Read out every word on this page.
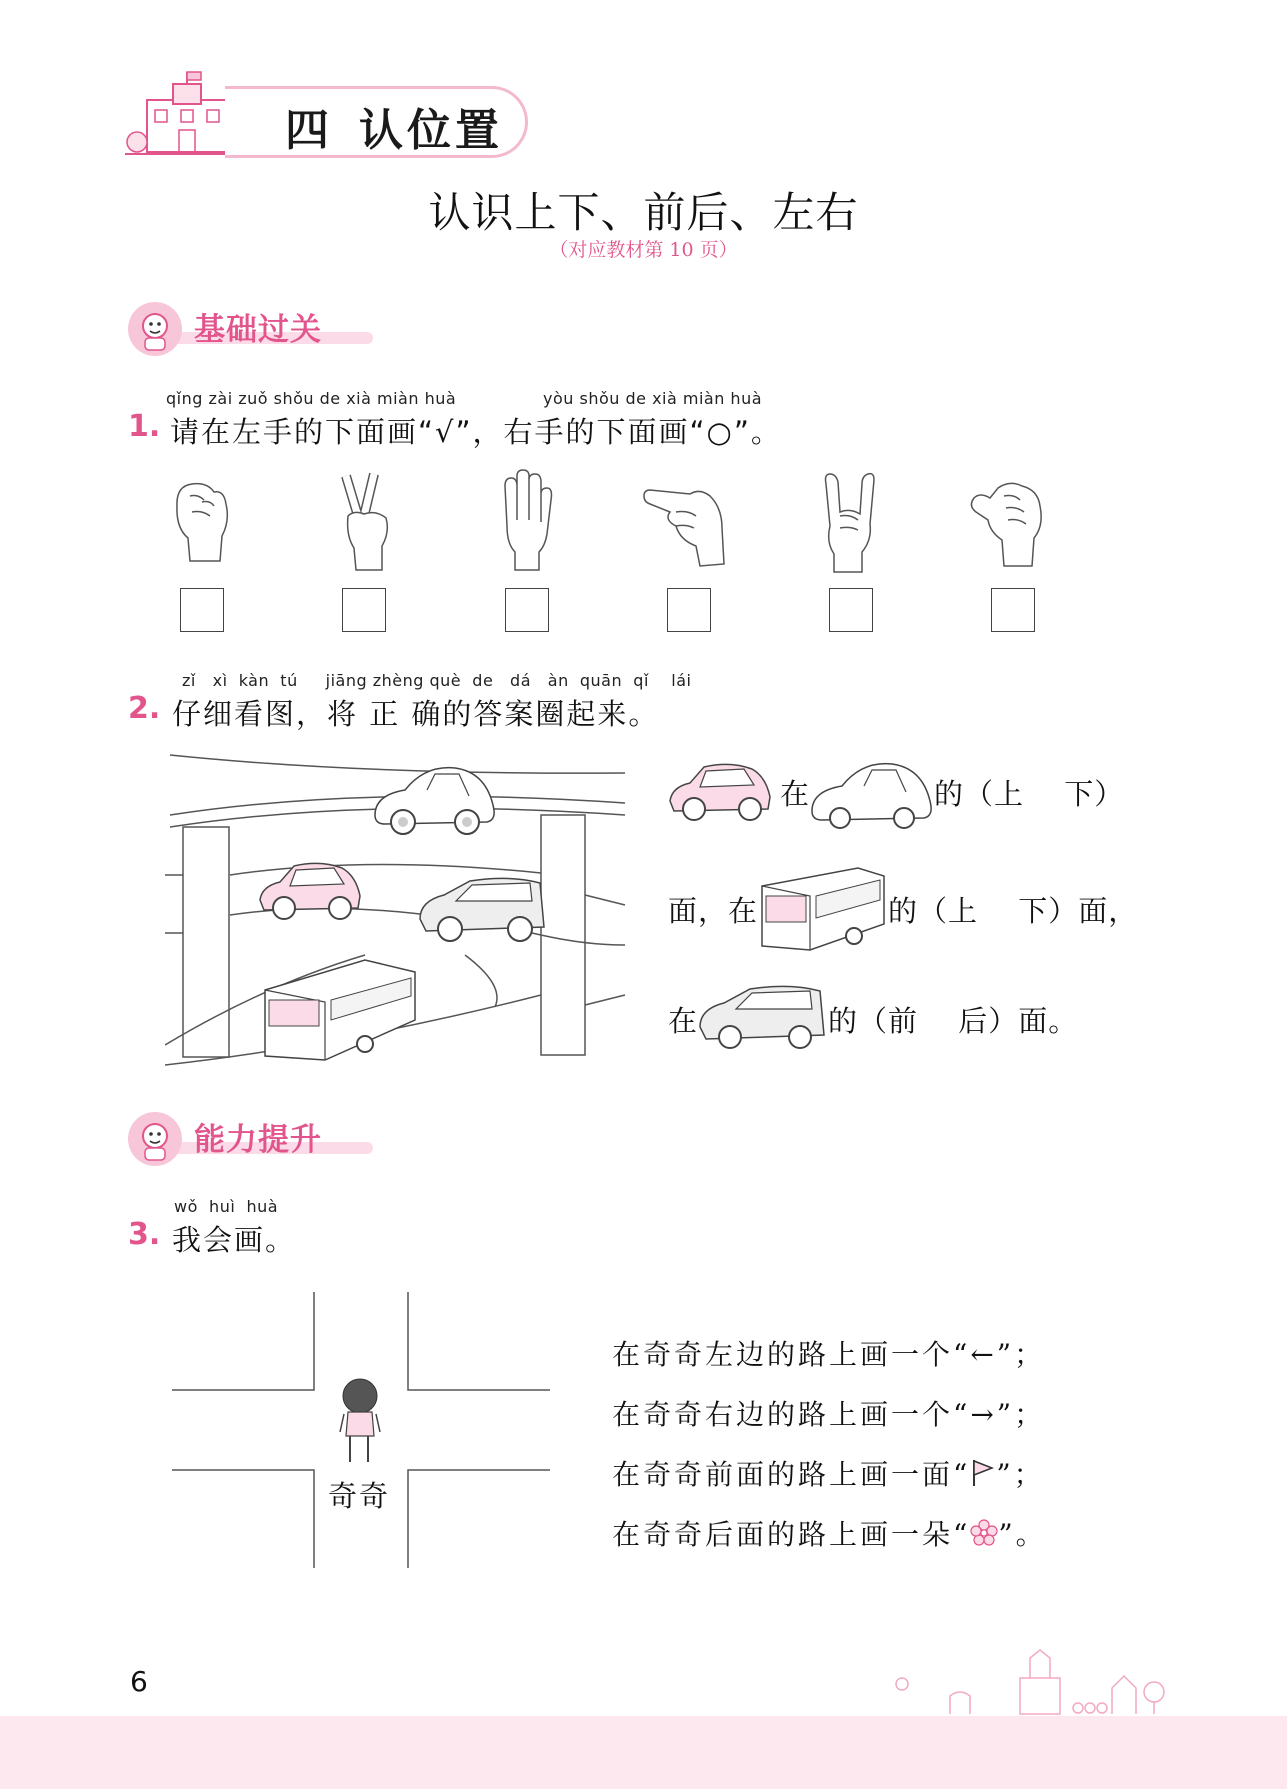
四 认位置
认识上下、前后、左右
（对应教材第 10 页）
基础过关
qǐng zài zuǒ shǒu de xià miàn huà	yòu shǒu de xià miàn huà
1. 请在左手的下面画“√”，右手的下面画“○”。
zǐ   xì  kàn  tú     jiāng zhèng què  de   dá   àn  quān  qǐ    lái
2. 仔细看图，将 正 确的答案圈起来。
在	的（上　 下）
面，在	的（上　 下）面，
在	的（前　 后）面。
能力提升
wǒ  huì  huà
3. 我会画。
奇奇
在奇奇左边的路上画一个“←”；
在奇奇右边的路上画一个“→”；
在奇奇前面的路上画一面“ ”；
在奇奇后面的路上画一朵“ ”。
6
